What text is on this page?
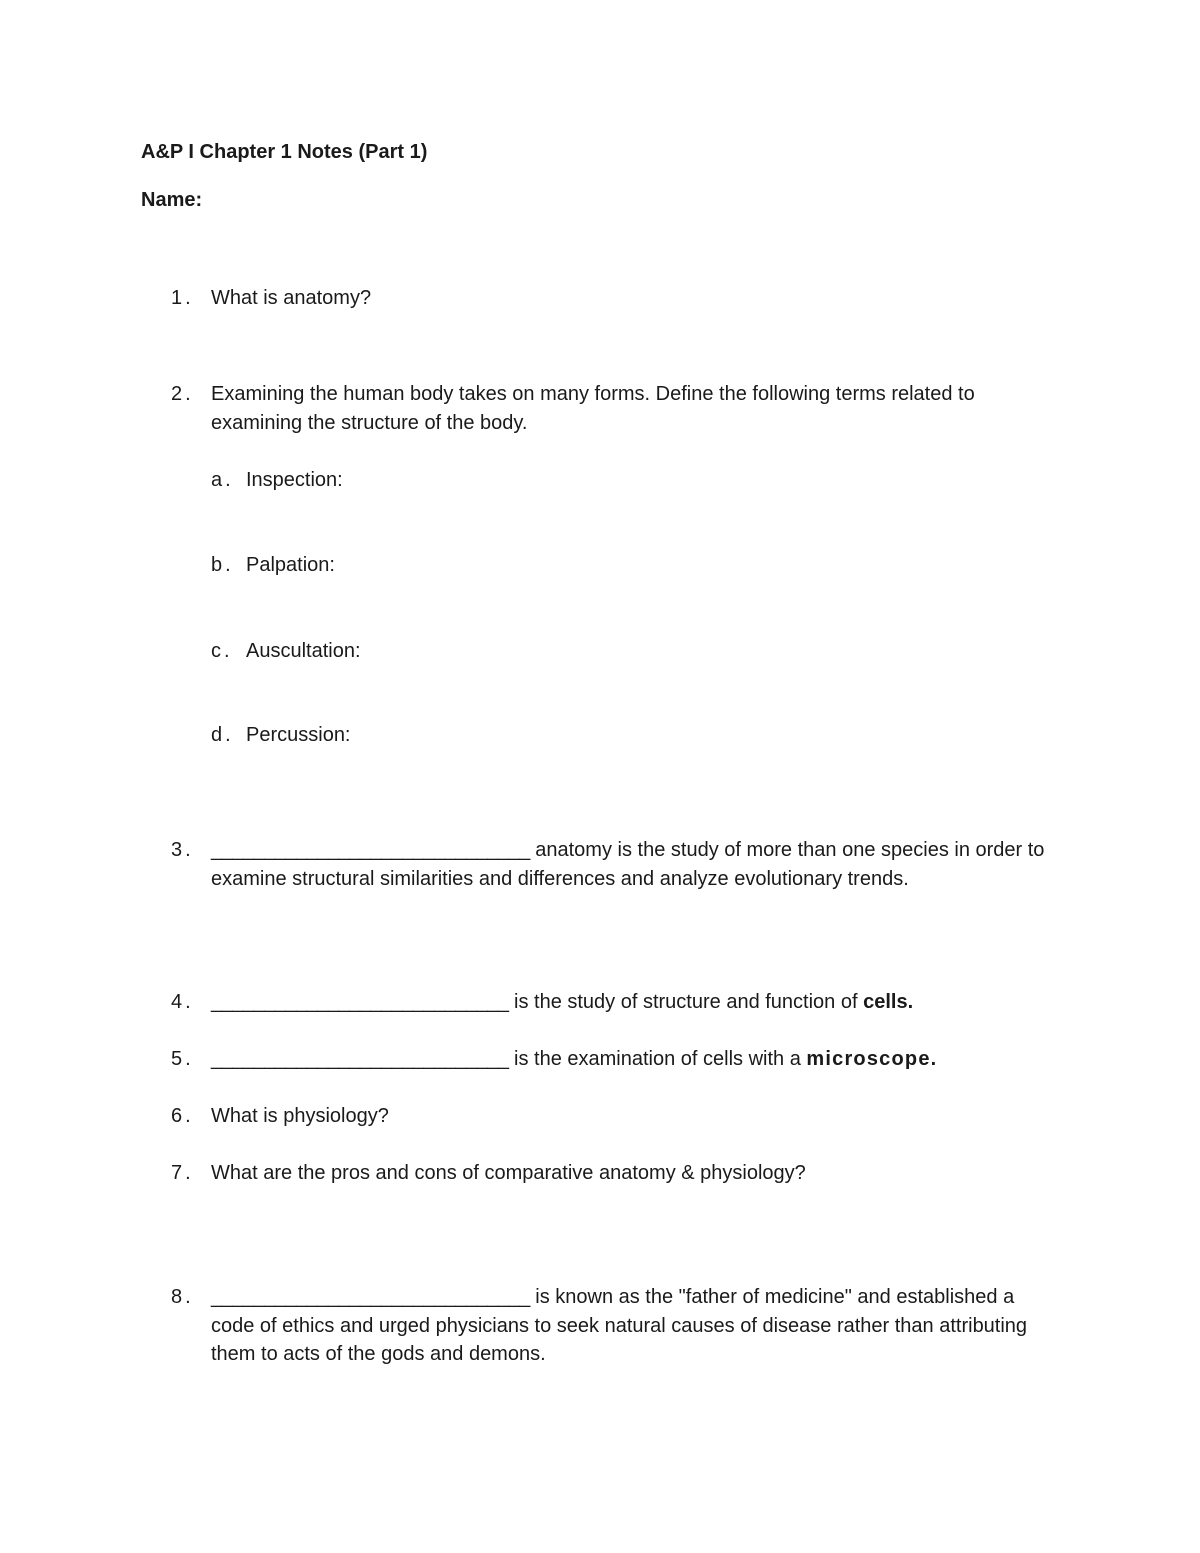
A&P I Chapter 1 Notes (Part 1)
Name:
1. What is anatomy?
2. Examining the human body takes on many forms. Define the following terms related to examining the structure of the body.
a. Inspection:
b. Palpation:
c. Auscultation:
d. Percussion:
3. ______________________________ anatomy is the study of more than one species in order to examine structural similarities and differences and analyze evolutionary trends.
4. ____________________________ is the study of structure and function of cells.
5. ____________________________ is the examination of cells with a microscope.
6. What is physiology?
7. What are the pros and cons of comparative anatomy & physiology?
8. ______________________________ is known as the "father of medicine" and established a code of ethics and urged physicians to seek natural causes of disease rather than attributing them to acts of the gods and demons.
